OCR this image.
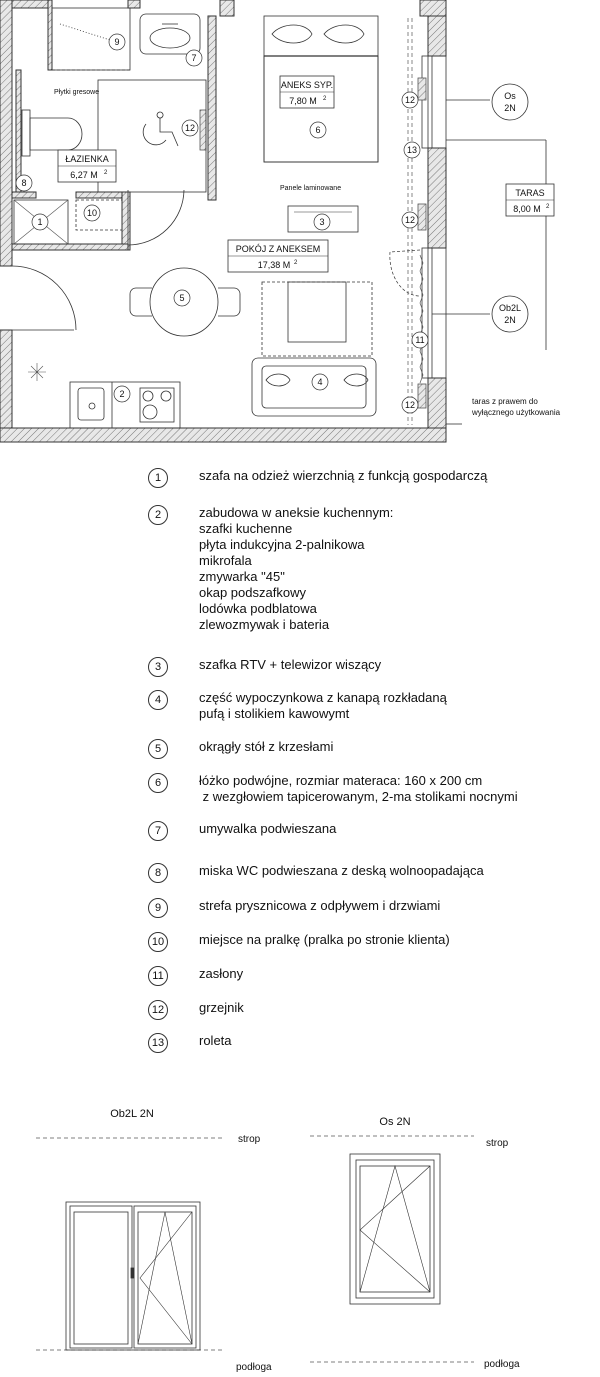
ANEKS SYP.
7,80 M 2
ŁAZIENKA
6,27 M 2
POKÓJ Z ANEKSEM
17,38 M 2
TARAS
8,00 M 2
Płytki gresowe
Panele laminowane
taras z prawem do
wyłącznego użytkowania
Os
2N
Ob2L
2N
1
2
3
4
5
6
7
8
9
10
11
12
12
12
12
13
Ob2L 2N
strop
podłoga
Os 2N
strop
podłoga
1	szafa na odzież wierzchnią z funkcją gospodarczą
2	zabudowa w aneksie kuchennym:
szafki kuchenne
płyta indukcyjna 2-palnikowa
mikrofala
zmywarka "45"
okap podszafkowy
lodówka podblatowa
zlewozmywak i bateria
3	szafka RTV + telewizor wiszący
4	część wypoczynkowa z kanapą rozkładaną
pufą i stolikiem kawowymt
5	okrągły stół z krzesłami
6	łóżko podwójne, rozmiar materaca: 160 x 200 cm
z wezgłowiem tapicerowanym, 2-ma stolikami nocnymi
7	umywalka podwieszana
8	miska WC podwieszana z deską wolnoopadająca
9	strefa prysznicowa z odpływem i drzwiami
10	miejsce na pralkę (pralka po stronie klienta)
11	zasłony
12	grzejnik
13	roleta
